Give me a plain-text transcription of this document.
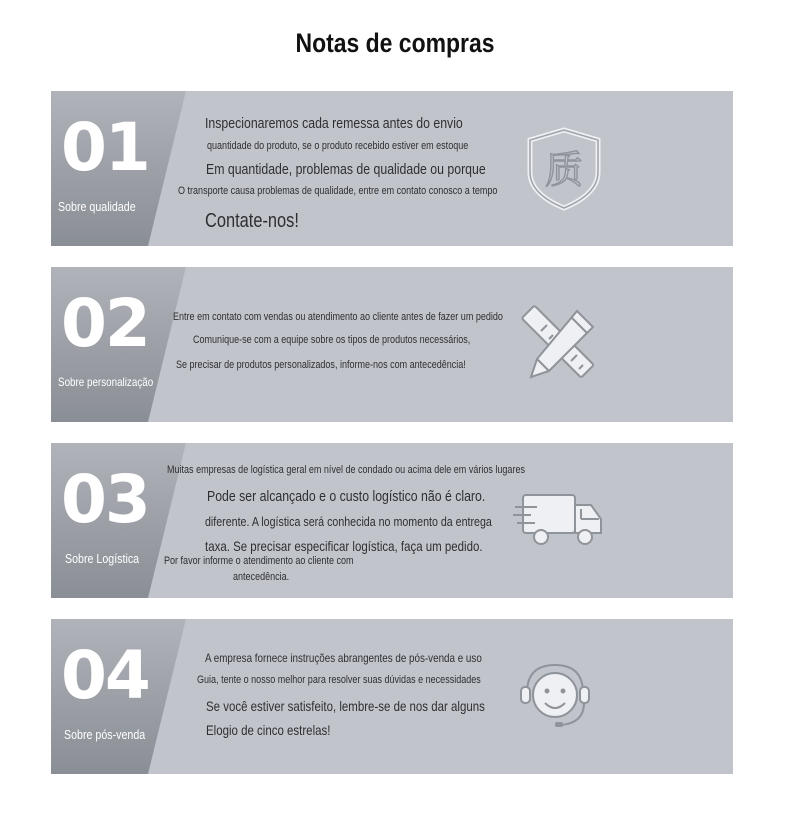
Notas de compras
01
Sobre qualidade
Inspecionaremos cada remessa antes do envio
quantidade do produto, se o produto recebido estiver em estoque
Em quantidade, problemas de qualidade ou porque
O transporte causa problemas de qualidade, entre em contato conosco a tempo
Contate-nos!
质
02
Sobre personalização
Entre em contato com vendas ou atendimento ao cliente antes de fazer um pedido
Comunique-se com a equipe sobre os tipos de produtos necessários,
Se precisar de produtos personalizados, informe-nos com antecedência!
03
Sobre Logística
Muitas empresas de logística geral em nível de condado ou acima dele em vários lugares
Pode ser alcançado e o custo logístico não é claro.
diferente. A logística será conhecida no momento da entrega
taxa. Se precisar especificar logística, faça um pedido.
Por favor informe o atendimento ao cliente com
antecedência.
04
Sobre pós-venda
A empresa fornece instruções abrangentes de pós-venda e uso
Guia, tente o nosso melhor para resolver suas dúvidas e necessidades
Se você estiver satisfeito, lembre-se de nos dar alguns
Elogio de cinco estrelas!
